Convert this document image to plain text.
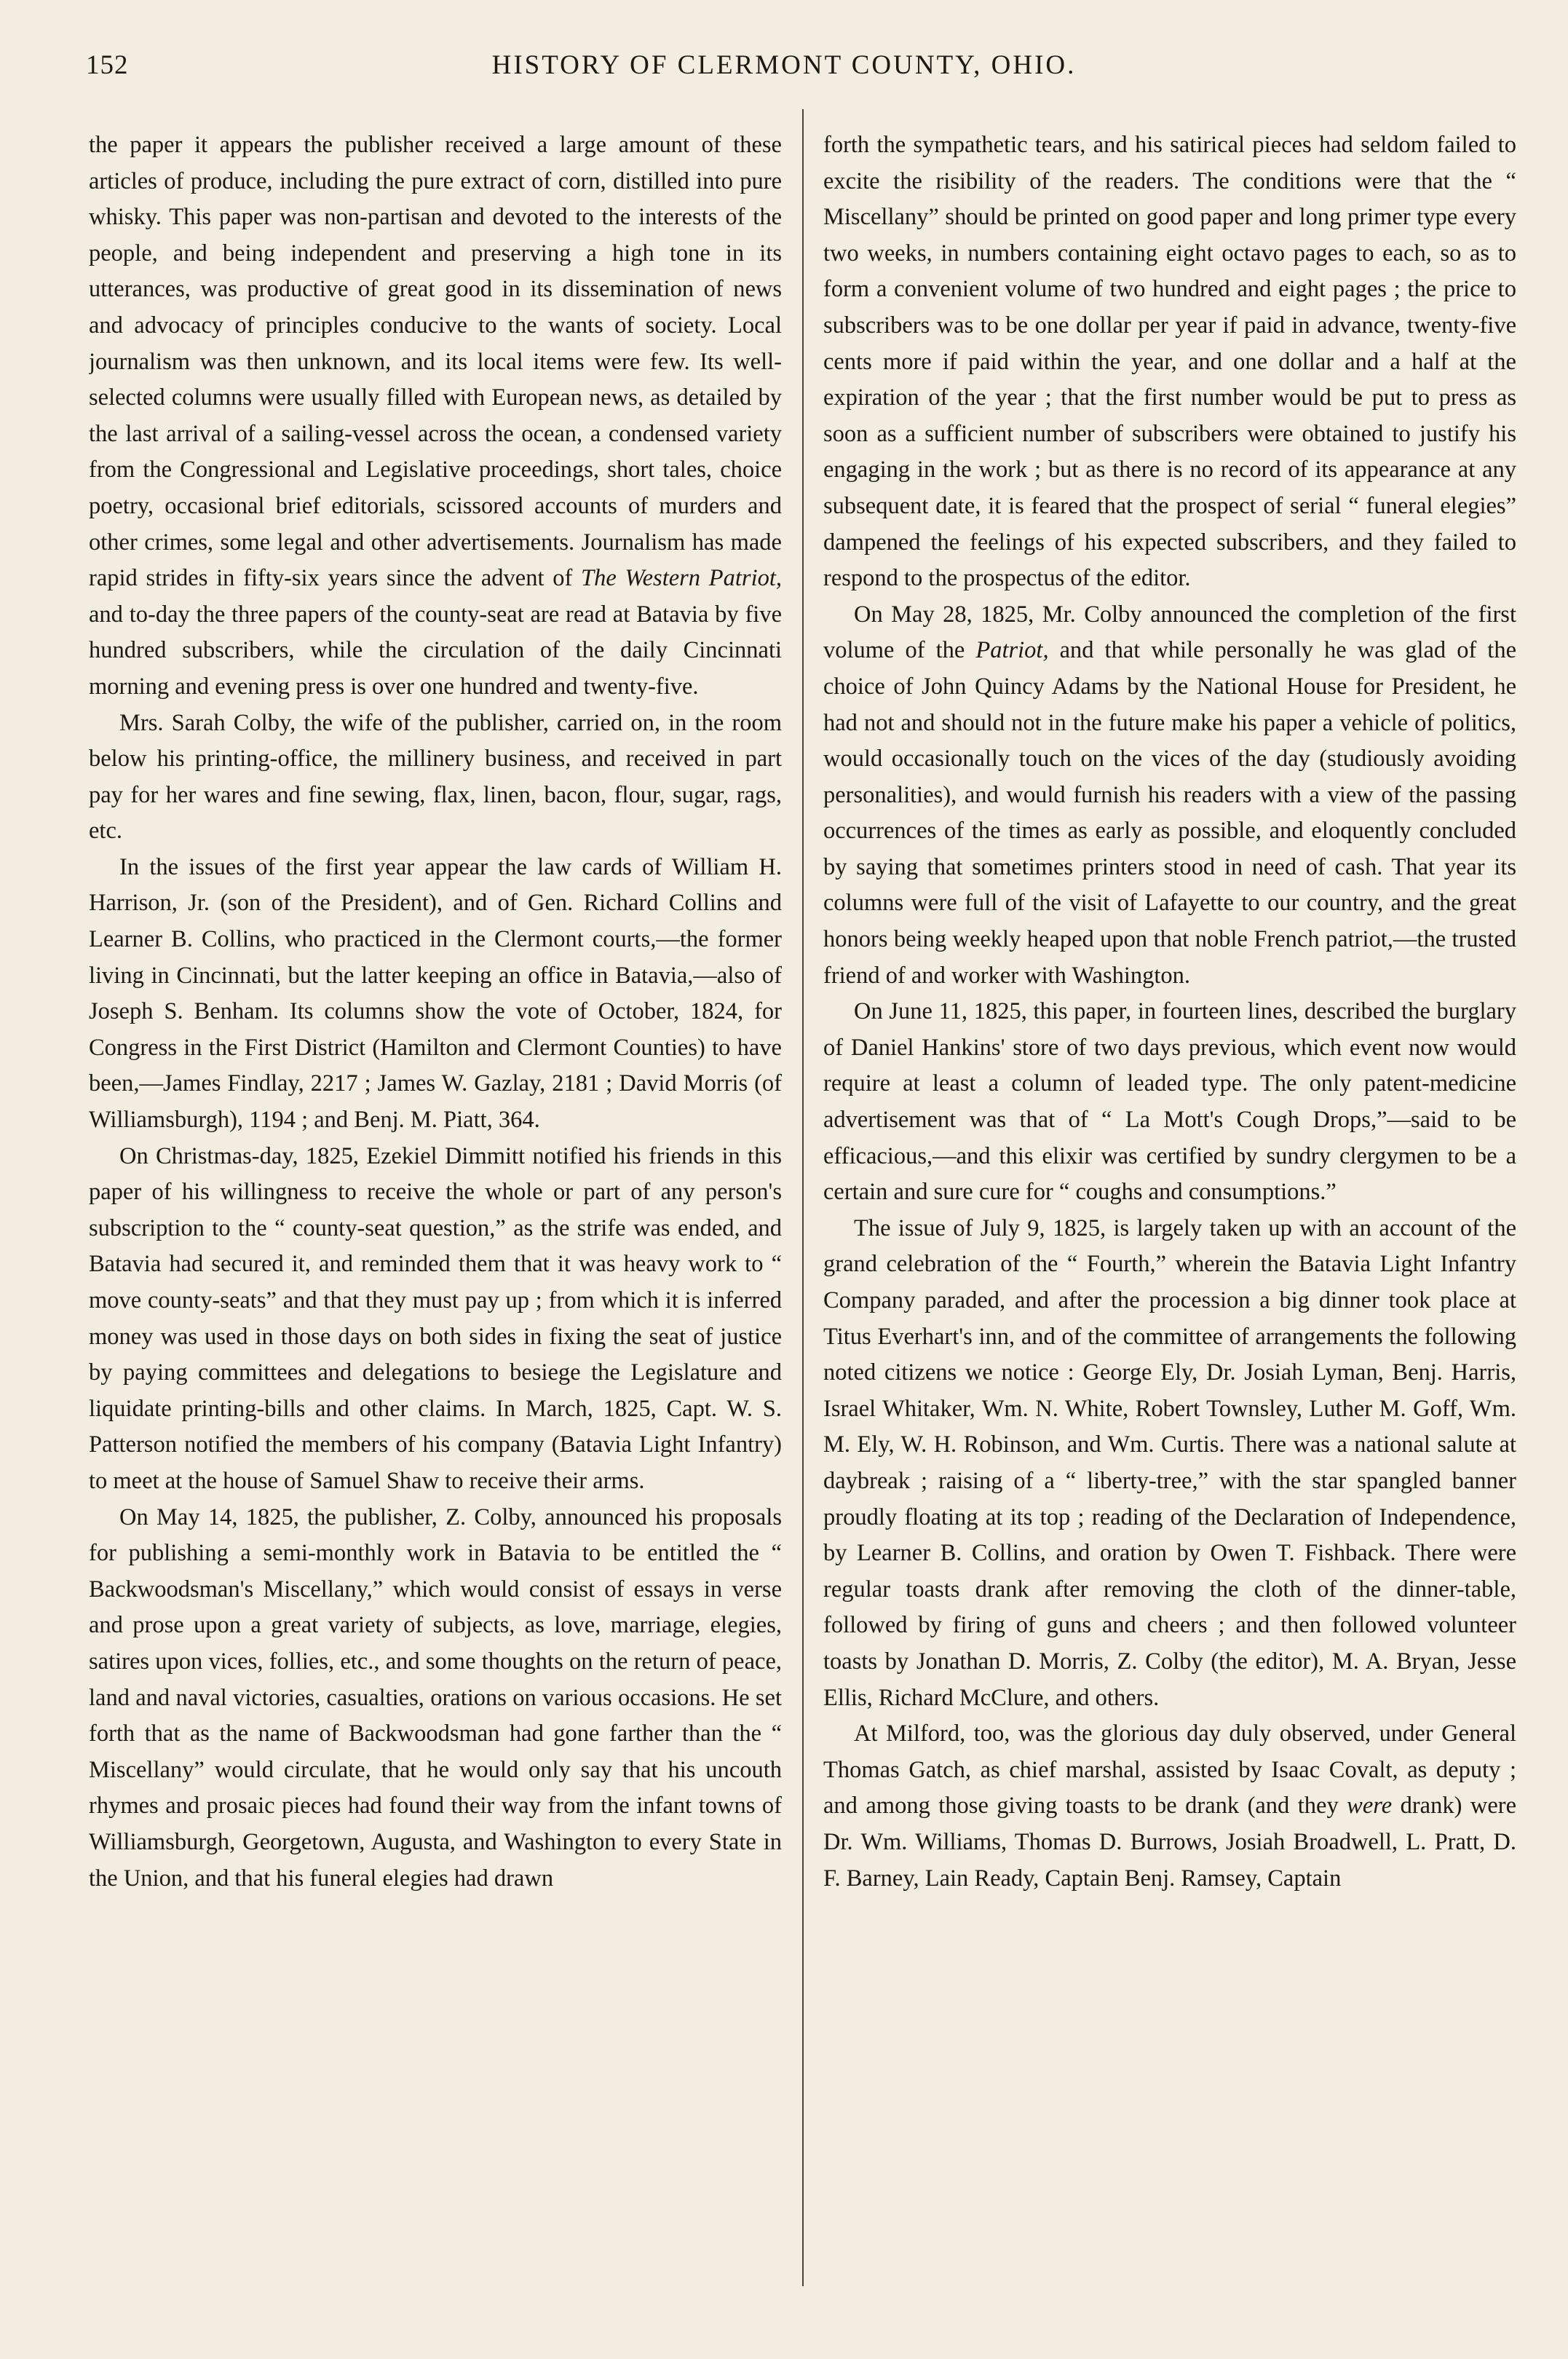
152	HISTORY OF CLERMONT COUNTY, OHIO.

the paper it appears the publisher received a large amount of these articles of produce, including the pure extract of corn, distilled into pure whisky. This paper was non-partisan and devoted to the interests of the people, and being independent and preserving a high tone in its utterances, was productive of great good in its dissemination of news and advocacy of principles conducive to the wants of society. Local journalism was then unknown, and its local items were few. Its well-selected columns were usually filled with European news, as detailed by the last arrival of a sailing-vessel across the ocean, a condensed variety from the Congressional and Legislative proceedings, short tales, choice poetry, occasional brief editorials, scissored accounts of murders and other crimes, some legal and other advertisements. Journalism has made rapid strides in fifty-six years since the advent of The Western Patriot, and to-day the three papers of the county-seat are read at Batavia by five hundred subscribers, while the circulation of the daily Cincinnati morning and evening press is over one hundred and twenty-five.

Mrs. Sarah Colby, the wife of the publisher, carried on, in the room below his printing-office, the millinery business, and received in part pay for her wares and fine sewing, flax, linen, bacon, flour, sugar, rags, etc.

In the issues of the first year appear the law cards of William H. Harrison, Jr. (son of the President), and of Gen. Richard Collins and Learner B. Collins, who practiced in the Clermont courts,—the former living in Cincinnati, but the latter keeping an office in Batavia,—also of Joseph S. Benham. Its columns show the vote of October, 1824, for Congress in the First District (Hamilton and Clermont Counties) to have been,—James Findlay, 2217 ; James W. Gazlay, 2181 ; David Morris (of Williamsburgh), 1194 ; and Benj. M. Piatt, 364.

On Christmas-day, 1825, Ezekiel Dimmitt notified his friends in this paper of his willingness to receive the whole or part of any person's subscription to the “ county-seat question,” as the strife was ended, and Batavia had secured it, and reminded them that it was heavy work to “ move county-seats” and that they must pay up ; from which it is inferred money was used in those days on both sides in fixing the seat of justice by paying committees and delegations to besiege the Legislature and liquidate printing-bills and other claims. In March, 1825, Capt. W. S. Patterson notified the members of his company (Batavia Light Infantry) to meet at the house of Samuel Shaw to receive their arms.

On May 14, 1825, the publisher, Z. Colby, announced his proposals for publishing a semi-monthly work in Batavia to be entitled the “ Backwoodsman's Miscellany,” which would consist of essays in verse and prose upon a great variety of subjects, as love, marriage, elegies, satires upon vices, follies, etc., and some thoughts on the return of peace, land and naval victories, casualties, orations on various occasions. He set forth that as the name of Backwoodsman had gone farther than the “ Miscellany” would circulate, that he would only say that his uncouth rhymes and prosaic pieces had found their way from the infant towns of Williamsburgh, Georgetown, Augusta, and Washington to every State in the Union, and that his funeral elegies had drawn

forth the sympathetic tears, and his satirical pieces had seldom failed to excite the risibility of the readers. The conditions were that the “ Miscellany” should be printed on good paper and long primer type every two weeks, in numbers containing eight octavo pages to each, so as to form a convenient volume of two hundred and eight pages ; the price to subscribers was to be one dollar per year if paid in advance, twenty-five cents more if paid within the year, and one dollar and a half at the expiration of the year ; that the first number would be put to press as soon as a sufficient number of subscribers were obtained to justify his engaging in the work ; but as there is no record of its appearance at any subsequent date, it is feared that the prospect of serial “ funeral elegies” dampened the feelings of his expected subscribers, and they failed to respond to the prospectus of the editor.

On May 28, 1825, Mr. Colby announced the completion of the first volume of the Patriot, and that while personally he was glad of the choice of John Quincy Adams by the National House for President, he had not and should not in the future make his paper a vehicle of politics, would occasionally touch on the vices of the day (studiously avoiding personalities), and would furnish his readers with a view of the passing occurrences of the times as early as possible, and eloquently concluded by saying that sometimes printers stood in need of cash. That year its columns were full of the visit of Lafayette to our country, and the great honors being weekly heaped upon that noble French patriot,—the trusted friend of and worker with Washington.

On June 11, 1825, this paper, in fourteen lines, described the burglary of Daniel Hankins' store of two days previous, which event now would require at least a column of leaded type. The only patent-medicine advertisement was that of “ La Mott's Cough Drops,”—said to be efficacious,—and this elixir was certified by sundry clergymen to be a certain and sure cure for “ coughs and consumptions.”

The issue of July 9, 1825, is largely taken up with an account of the grand celebration of the “ Fourth,” wherein the Batavia Light Infantry Company paraded, and after the procession a big dinner took place at Titus Everhart's inn, and of the committee of arrangements the following noted citizens we notice : George Ely, Dr. Josiah Lyman, Benj. Harris, Israel Whitaker, Wm. N. White, Robert Townsley, Luther M. Goff, Wm. M. Ely, W. H. Robinson, and Wm. Curtis. There was a national salute at daybreak ; raising of a “ liberty-tree,” with the star spangled banner proudly floating at its top ; reading of the Declaration of Independence, by Learner B. Collins, and oration by Owen T. Fishback. There were regular toasts drank after removing the cloth of the dinner-table, followed by firing of guns and cheers ; and then followed volunteer toasts by Jonathan D. Morris, Z. Colby (the editor), M. A. Bryan, Jesse Ellis, Richard McClure, and others.

At Milford, too, was the glorious day duly observed, under General Thomas Gatch, as chief marshal, assisted by Isaac Covalt, as deputy ; and among those giving toasts to be drank (and they were drank) were Dr. Wm. Williams, Thomas D. Burrows, Josiah Broadwell, L. Pratt, D. F. Barney, Lain Ready, Captain Benj. Ramsey, Captain
